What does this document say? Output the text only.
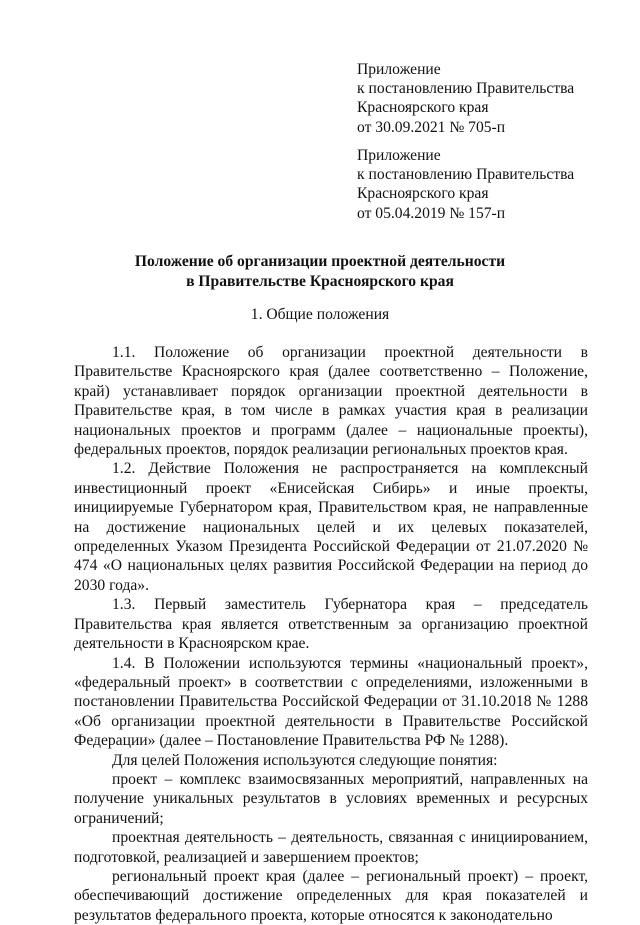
Приложение
к постановлению Правительства
Красноярского края
от 30.09.2021 № 705-п
Приложение
к постановлению Правительства
Красноярского края
от 05.04.2019 № 157-п
Положение об организации проектной деятельности
в Правительстве Красноярского края
1. Общие положения

1.1. Положение об организации проектной деятельности в Правительстве Красноярского края (далее соответственно – Положение, край) устанавливает порядок организации проектной деятельности в Правительстве края, в том числе в рамках участия края в реализации национальных проектов и программ (далее – национальные проекты), федеральных проектов, порядок реализации региональных проектов края.

1.2. Действие Положения не распространяется на комплексный инвестиционный проект «Енисейская Сибирь» и иные проекты, инициируемые Губернатором края, Правительством края, не направленные на достижение национальных целей и их целевых показателей, определенных Указом Президента Российской Федерации от 21.07.2020 № 474 «О национальных целях развития Российской Федерации на период до 2030 года».

1.3. Первый заместитель Губернатора края – председатель Правительства края является ответственным за организацию проектной деятельности в Красноярском крае.

1.4. В Положении используются термины «национальный проект», «федеральный проект» в соответствии с определениями, изложенными в постановлении Правительства Российской Федерации от 31.10.2018 № 1288 «Об организации проектной деятельности в Правительстве Российской Федерации» (далее – Постановление Правительства РФ № 1288).

Для целей Положения используются следующие понятия:

проект – комплекс взаимосвязанных мероприятий, направленных на получение уникальных результатов в условиях временных и ресурсных ограничений;

проектная деятельность – деятельность, связанная с инициированием, подготовкой, реализацией и завершением проектов;

региональный проект края (далее – региональный проект) – проект, обеспечивающий достижение определенных для края показателей и результатов федерального проекта, которые относятся к законодательно
